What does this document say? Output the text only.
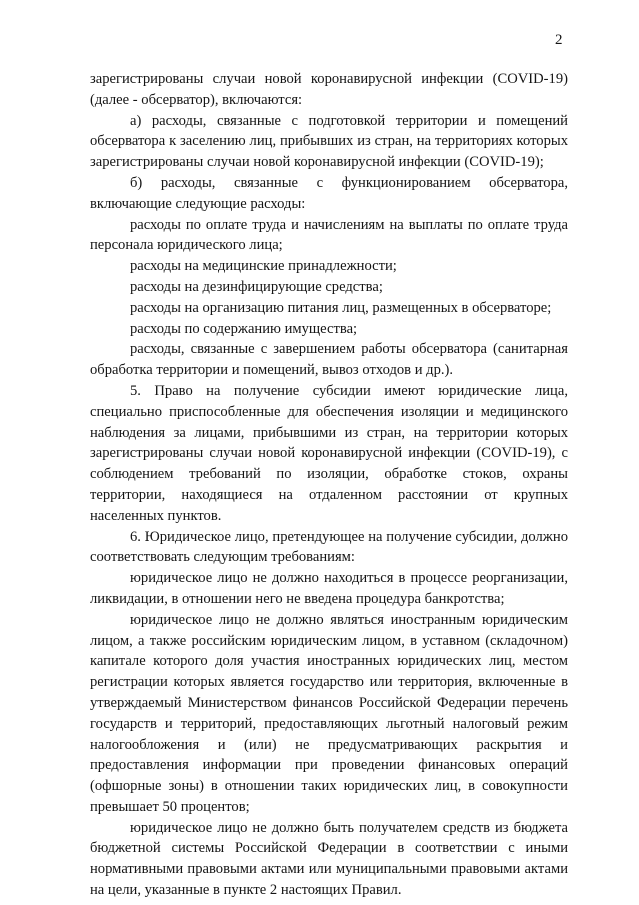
2

зарегистрированы случаи новой коронавирусной инфекции (COVID-19) (далее - обсерватор), включаются:

а) расходы, связанные с подготовкой территории и помещений обсерватора к заселению лиц, прибывших из стран, на территориях которых зарегистрированы случаи новой коронавирусной инфекции (COVID-19);

б) расходы, связанные с функционированием обсерватора, включающие следующие расходы:

расходы по оплате труда и начислениям на выплаты по оплате труда персонала юридического лица;

расходы на медицинские принадлежности;

расходы на дезинфицирующие средства;

расходы на организацию питания лиц, размещенных в обсерваторе;

расходы по содержанию имущества;

расходы, связанные с завершением работы обсерватора (санитарная обработка территории и помещений, вывоз отходов и др.).

5. Право на получение субсидии имеют юридические лица, специально приспособленные для обеспечения изоляции и медицинского наблюдения за лицами, прибывшими из стран, на территории которых зарегистрированы случаи новой коронавирусной инфекции (COVID-19), с соблюдением требований по изоляции, обработке стоков, охраны территории, находящиеся на отдаленном расстоянии от крупных населенных пунктов.

6. Юридическое лицо, претендующее на получение субсидии, должно соответствовать следующим требованиям:

юридическое лицо не должно находиться в процессе реорганизации, ликвидации, в отношении него не введена процедура банкротства;

юридическое лицо не должно являться иностранным юридическим лицом, а также российским юридическим лицом, в уставном (складочном) капитале которого доля участия иностранных юридических лиц, местом регистрации которых является государство или территория, включенные в утверждаемый Министерством финансов Российской Федерации перечень государств и территорий, предоставляющих льготный налоговый режим налогообложения и (или) не предусматривающих раскрытия и предоставления информации при проведении финансовых операций (офшорные зоны) в отношении таких юридических лиц, в совокупности превышает 50 процентов;

юридическое лицо не должно быть получателем средств из бюджета бюджетной системы Российской Федерации в соответствии с иными нормативными правовыми актами или муниципальными правовыми актами на цели, указанные в пункте 2 настоящих Правил.
